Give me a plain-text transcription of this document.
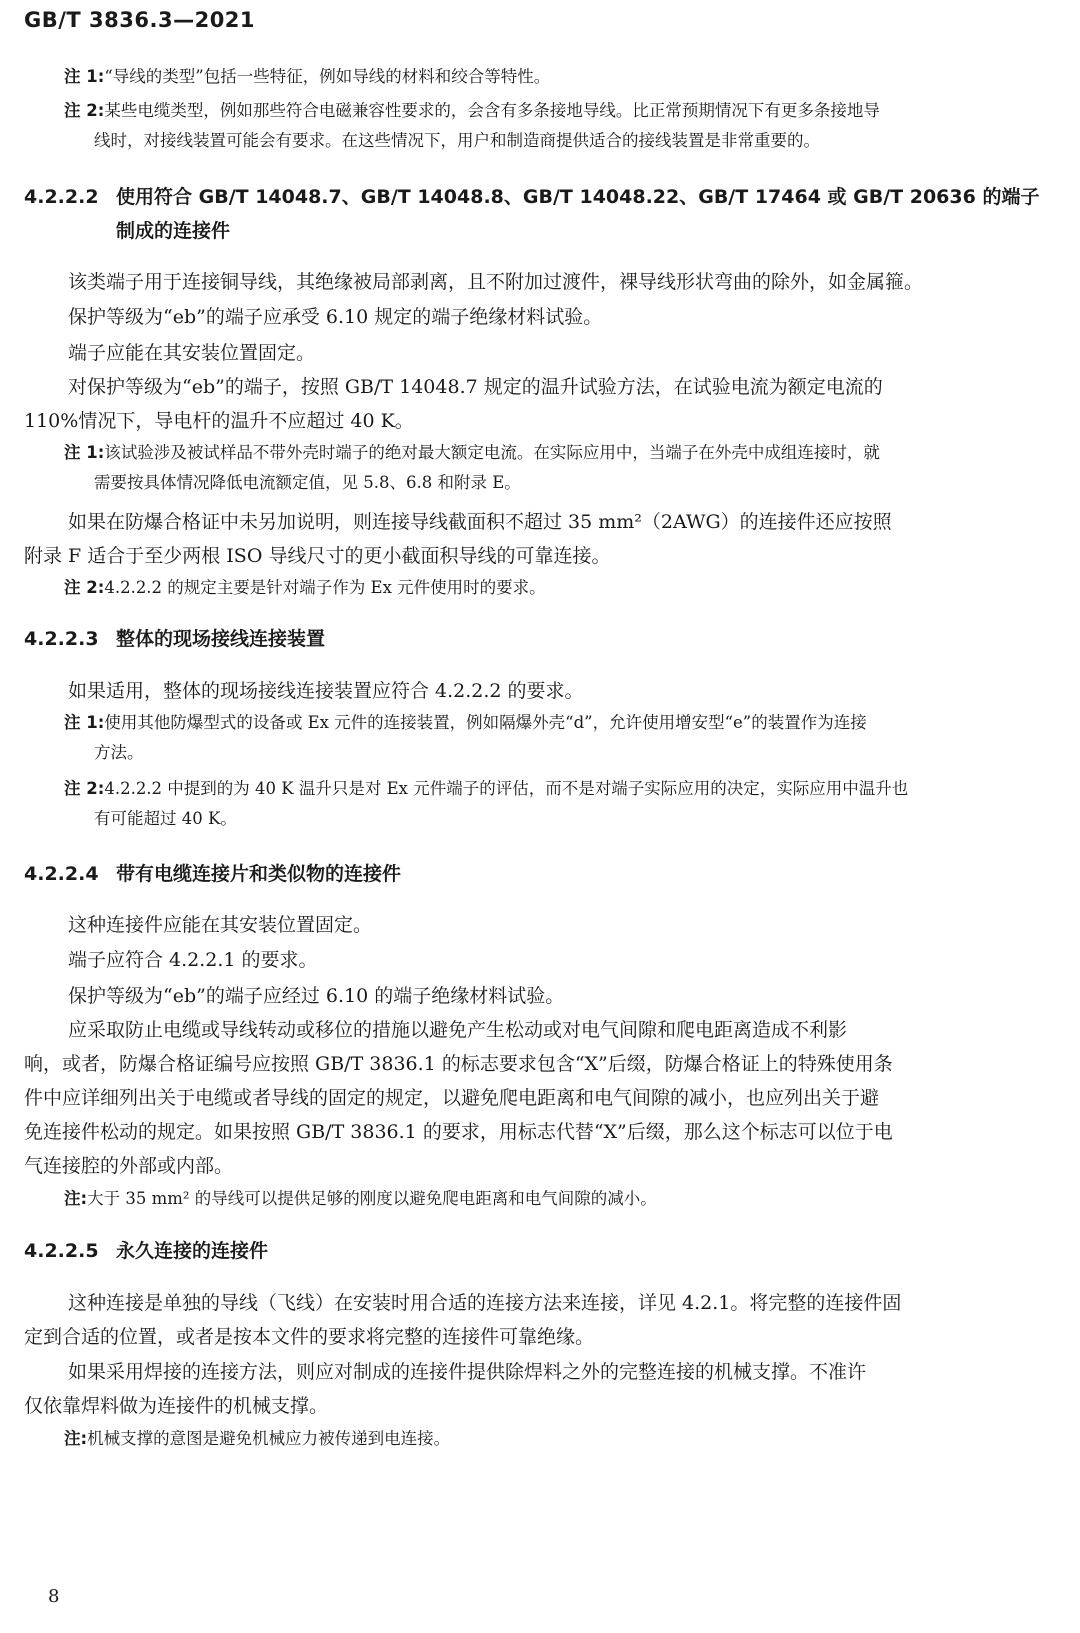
GB/T 3836.3—2021
注 1:“导线的类型”包括一些特征，例如导线的材料和绞合等特性。
注 2:某些电缆类型，例如那些符合电磁兼容性要求的，会含有多条接地导线。比正常预期情况下有更多条接地导
线时，对接线装置可能会有要求。在这些情况下，用户和制造商提供适合的接线装置是非常重要的。
4.2.2.2 使用符合 GB/T 14048.7、GB/T 14048.8、GB/T 14048.22、GB/T 17464 或 GB/T 20636 的端子
制成的连接件
该类端子用于连接铜导线，其绝缘被局部剥离，且不附加过渡件，裸导线形状弯曲的除外，如金属箍。
保护等级为“eb”的端子应承受 6.10 规定的端子绝缘材料试验。
端子应能在其安装位置固定。
对保护等级为“eb”的端子，按照 GB/T 14048.7 规定的温升试验方法，在试验电流为额定电流的
110%情况下，导电杆的温升不应超过 40 K。
注 1:该试验涉及被试样品不带外壳时端子的绝对最大额定电流。在实际应用中，当端子在外壳中成组连接时，就
需要按具体情况降低电流额定值，见 5.8、6.8 和附录 E。
如果在防爆合格证中未另加说明，则连接导线截面积不超过 35 mm²（2AWG）的连接件还应按照
附录 F 适合于至少两根 ISO 导线尺寸的更小截面积导线的可靠连接。
注 2:4.2.2.2 的规定主要是针对端子作为 Ex 元件使用时的要求。
4.2.2.3 整体的现场接线连接装置
如果适用，整体的现场接线连接装置应符合 4.2.2.2 的要求。
注 1:使用其他防爆型式的设备或 Ex 元件的连接装置，例如隔爆外壳“d”，允许使用增安型“e”的装置作为连接
方法。
注 2:4.2.2.2 中提到的为 40 K 温升只是对 Ex 元件端子的评估，而不是对端子实际应用的决定，实际应用中温升也
有可能超过 40 K。
4.2.2.4 带有电缆连接片和类似物的连接件
这种连接件应能在其安装位置固定。
端子应符合 4.2.2.1 的要求。
保护等级为“eb”的端子应经过 6.10 的端子绝缘材料试验。
应采取防止电缆或导线转动或移位的措施以避免产生松动或对电气间隙和爬电距离造成不利影
响，或者，防爆合格证编号应按照 GB/T 3836.1 的标志要求包含“X”后缀，防爆合格证上的特殊使用条
件中应详细列出关于电缆或者导线的固定的规定，以避免爬电距离和电气间隙的减小，也应列出关于避
免连接件松动的规定。如果按照 GB/T 3836.1 的要求，用标志代替“X”后缀，那么这个标志可以位于电
气连接腔的外部或内部。
注:大于 35 mm² 的导线可以提供足够的刚度以避免爬电距离和电气间隙的减小。
4.2.2.5 永久连接的连接件
这种连接是单独的导线（飞线）在安装时用合适的连接方法来连接，详见 4.2.1。将完整的连接件固
定到合适的位置，或者是按本文件的要求将完整的连接件可靠绝缘。
如果采用焊接的连接方法，则应对制成的连接件提供除焊料之外的完整连接的机械支撑。不准许
仅依靠焊料做为连接件的机械支撑。
注:机械支撑的意图是避免机械应力被传递到电连接。
8
